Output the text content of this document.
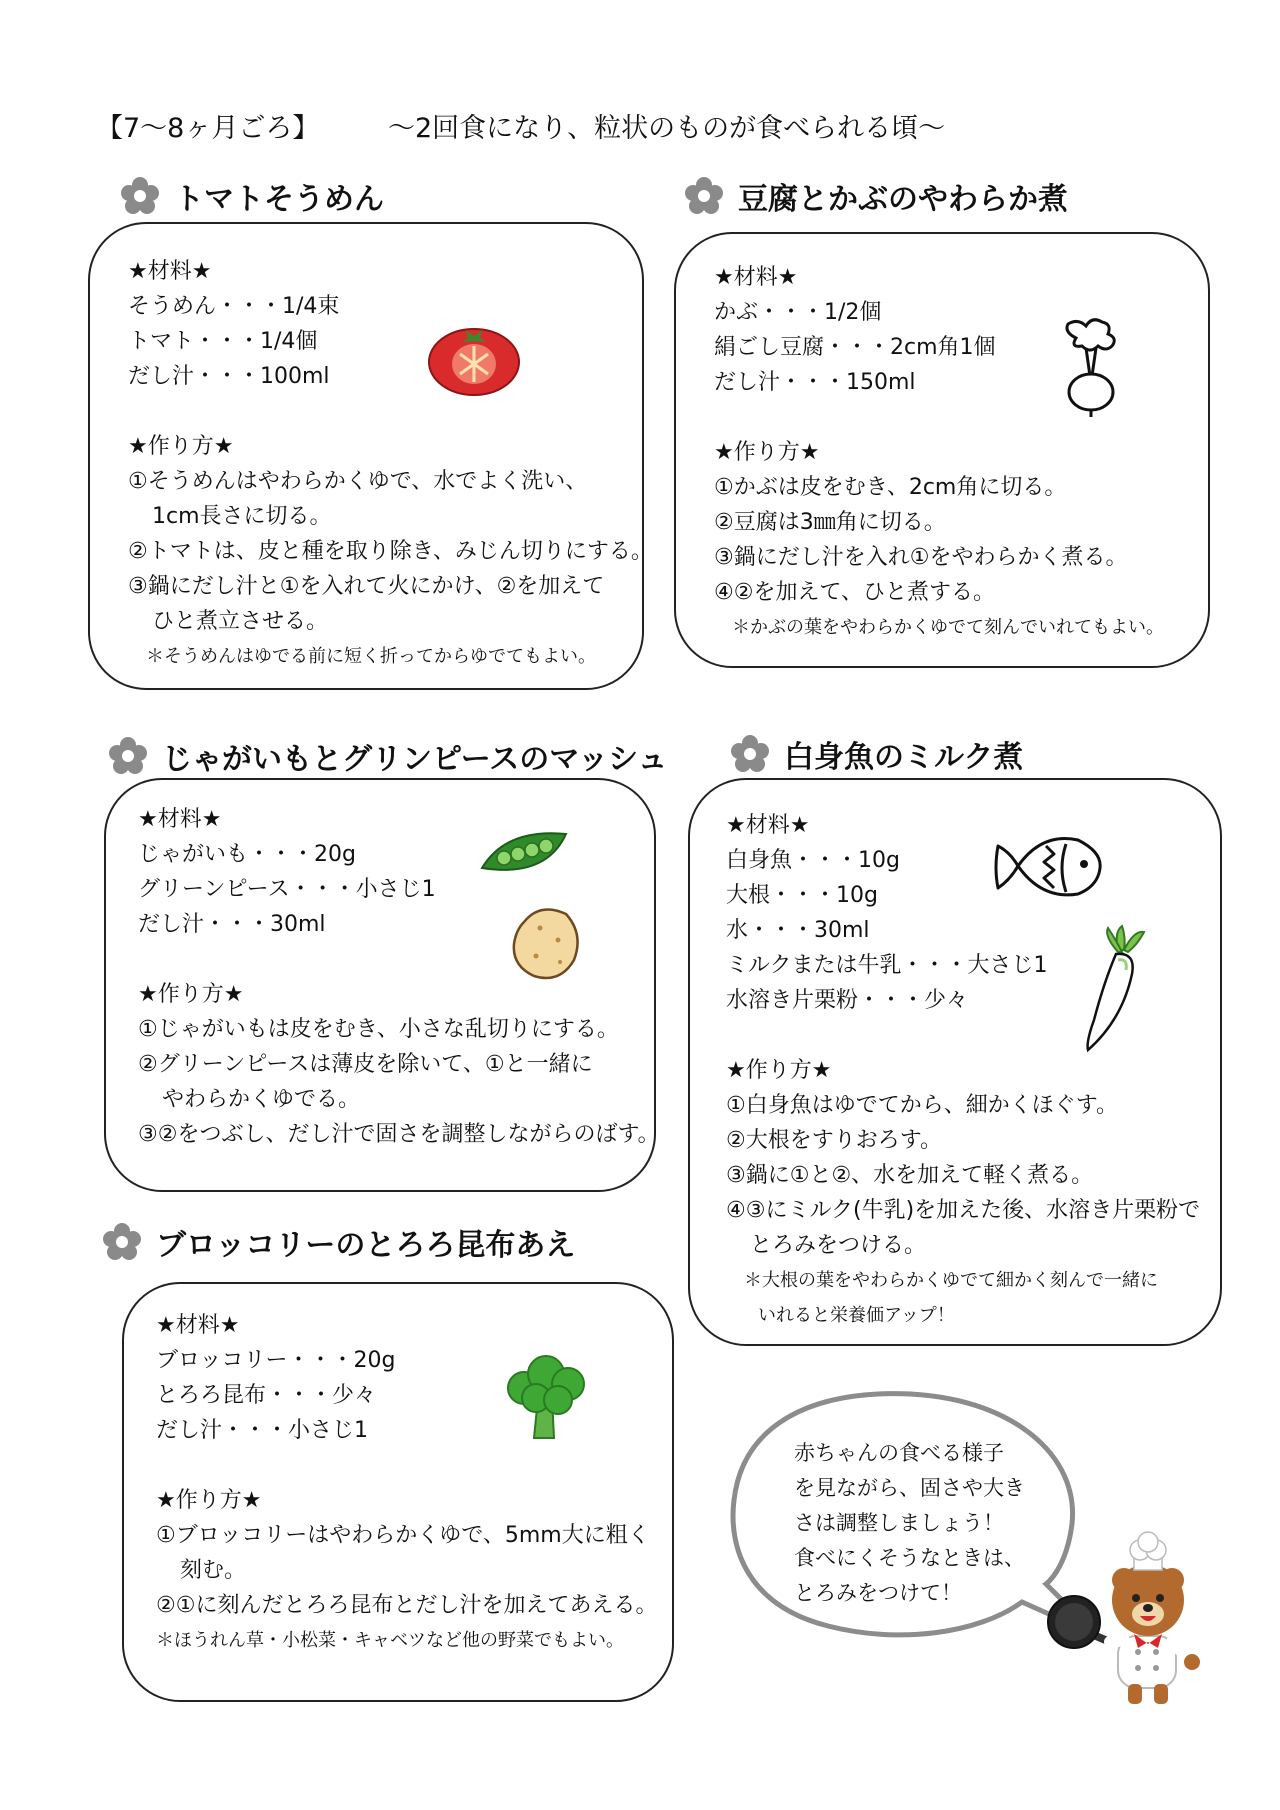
【7～8ヶ月ごろ】	～2回食になり、粒状のものが食べられる頃～
トマトそうめん
★材料★
そうめん・・・1/4束
トマト・・・1/4個
だし汁・・・100ml
★作り方★
①そうめんはやわらかくゆで、水でよく洗い、
1cm長さに切る。
②トマトは、皮と種を取り除き、みじん切りにする。
③鍋にだし汁と①を入れて火にかけ、②を加えて
ひと煮立させる。
＊そうめんはゆでる前に短く折ってからゆでてもよい。
豆腐とかぶのやわらか煮
★材料★
かぶ・・・1/2個
絹ごし豆腐・・・2cm角1個
だし汁・・・150ml
★作り方★
①かぶは皮をむき、2cm角に切る。
②豆腐は3㎜角に切る。
③鍋にだし汁を入れ①をやわらかく煮る。
④②を加えて、ひと煮する。
＊かぶの葉をやわらかくゆでて刻んでいれてもよい。
じゃがいもとグリンピースのマッシュ
★材料★
じゃがいも・・・20g
グリーンピース・・・小さじ1
だし汁・・・30ml
★作り方★
①じゃがいもは皮をむき、小さな乱切りにする。
②グリーンピースは薄皮を除いて、①と一緒に
やわらかくゆでる。
③②をつぶし、だし汁で固さを調整しながらのばす。
白身魚のミルク煮
★材料★
白身魚・・・10g
大根・・・10g
水・・・30ml
ミルクまたは牛乳・・・大さじ1
水溶き片栗粉・・・少々
★作り方★
①白身魚はゆでてから、細かくほぐす。
②大根をすりおろす。
③鍋に①と②、水を加えて軽く煮る。
④③にミルク(牛乳)を加えた後、水溶き片栗粉で
とろみをつける。
＊大根の葉をやわらかくゆでて細かく刻んで一緒に
いれると栄養価アップ！
ブロッコリーのとろろ昆布あえ
★材料★
ブロッコリー・・・20g
とろろ昆布・・・少々
だし汁・・・小さじ1
★作り方★
①ブロッコリーはやわらかくゆで、5mm大に粗く
刻む。
②①に刻んだとろろ昆布とだし汁を加えてあえる。
＊ほうれん草・小松菜・キャベツなど他の野菜でもよい。
赤ちゃんの食べる様子
を見ながら、固さや大き
さは調整しましょう！
食べにくそうなときは、
とろみをつけて！
